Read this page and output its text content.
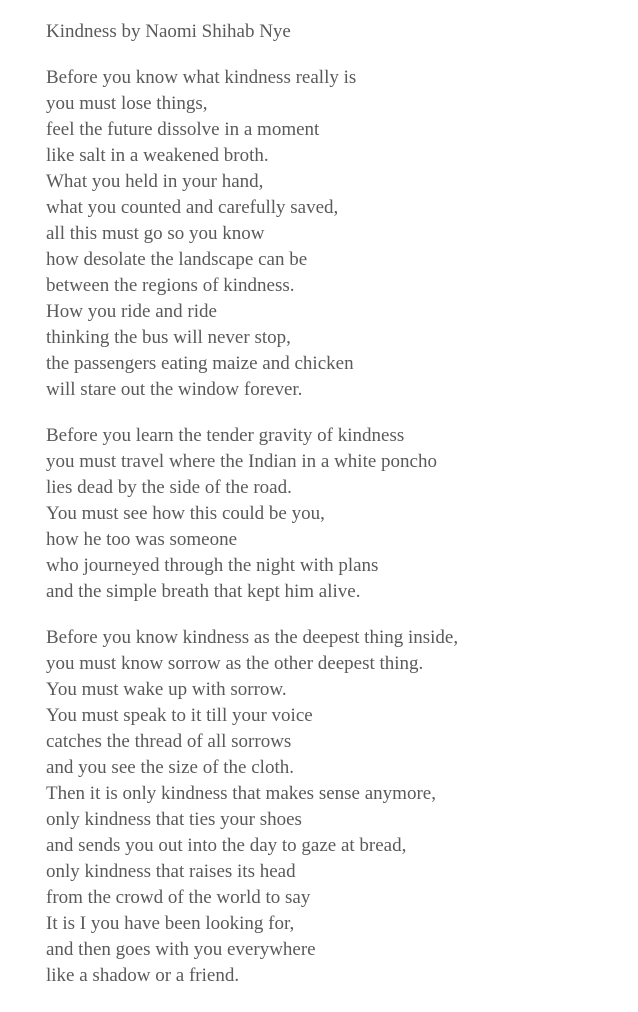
Kindness by Naomi Shihab Nye
Before you know what kindness really is
you must lose things,
feel the future dissolve in a moment
like salt in a weakened broth.
What you held in your hand,
what you counted and carefully saved,
all this must go so you know
how desolate the landscape can be
between the regions of kindness.
How you ride and ride
thinking the bus will never stop,
the passengers eating maize and chicken
will stare out the window forever.
Before you learn the tender gravity of kindness
you must travel where the Indian in a white poncho
lies dead by the side of the road.
You must see how this could be you,
how he too was someone
who journeyed through the night with plans
and the simple breath that kept him alive.
Before you know kindness as the deepest thing inside,
you must know sorrow as the other deepest thing.
You must wake up with sorrow.
You must speak to it till your voice
catches the thread of all sorrows
and you see the size of the cloth.
Then it is only kindness that makes sense anymore,
only kindness that ties your shoes
and sends you out into the day to gaze at bread,
only kindness that raises its head
from the crowd of the world to say
It is I you have been looking for,
and then goes with you everywhere
like a shadow or a friend.
